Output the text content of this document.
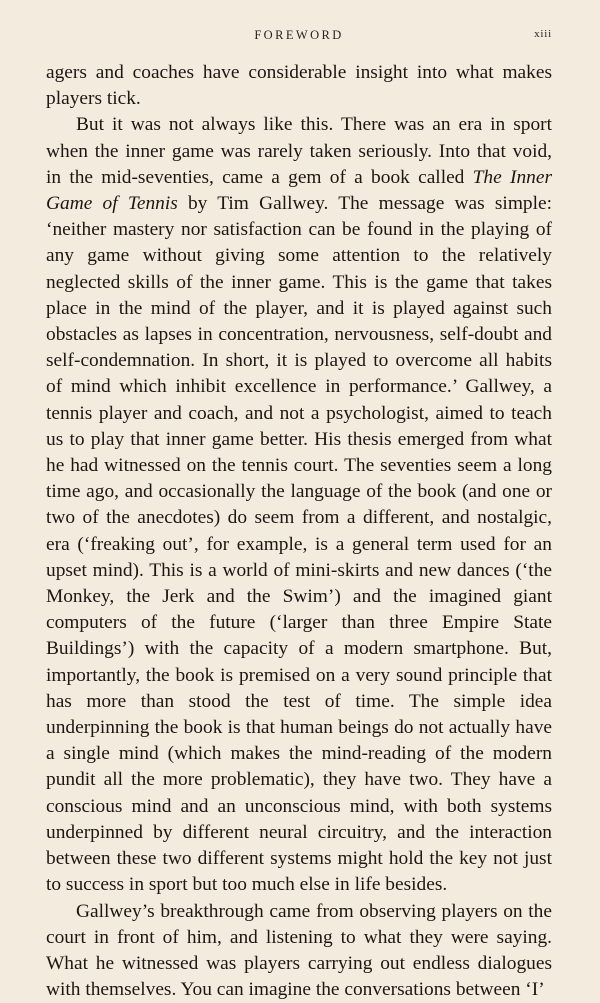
FOREWORD	xiii

agers and coaches have considerable insight into what makes players tick.

But it was not always like this. There was an era in sport when the inner game was rarely taken seriously. Into that void, in the mid-seventies, came a gem of a book called The Inner Game of Tennis by Tim Gallwey. The message was simple: ‘neither mastery nor satisfaction can be found in the playing of any game without giving some attention to the relatively neglected skills of the inner game. This is the game that takes place in the mind of the player, and it is played against such obstacles as lapses in concentration, nervousness, self-doubt and self-condemnation. In short, it is played to overcome all habits of mind which inhibit excellence in performance.’ Gallwey, a tennis player and coach, and not a psychologist, aimed to teach us to play that inner game better. His thesis emerged from what he had witnessed on the tennis court. The seventies seem a long time ago, and occasionally the language of the book (and one or two of the anecdotes) do seem from a different, and nostalgic, era (‘freaking out’, for example, is a general term used for an upset mind). This is a world of mini-skirts and new dances (‘the Monkey, the Jerk and the Swim’) and the imagined giant computers of the future (‘larger than three Empire State Buildings’) with the capacity of a modern smartphone. But, importantly, the book is premised on a very sound principle that has more than stood the test of time. The simple idea underpinning the book is that human beings do not actually have a single mind (which makes the mind-reading of the modern pundit all the more problematic), they have two. They have a conscious mind and an unconscious mind, with both systems underpinned by different neural circuitry, and the interaction between these two different systems might hold the key not just to success in sport but too much else in life besides.

Gallwey’s breakthrough came from observing players on the court in front of him, and listening to what they were saying. What he witnessed was players carrying out endless dialogues with themselves. You can imagine the conversations between ‘I’
